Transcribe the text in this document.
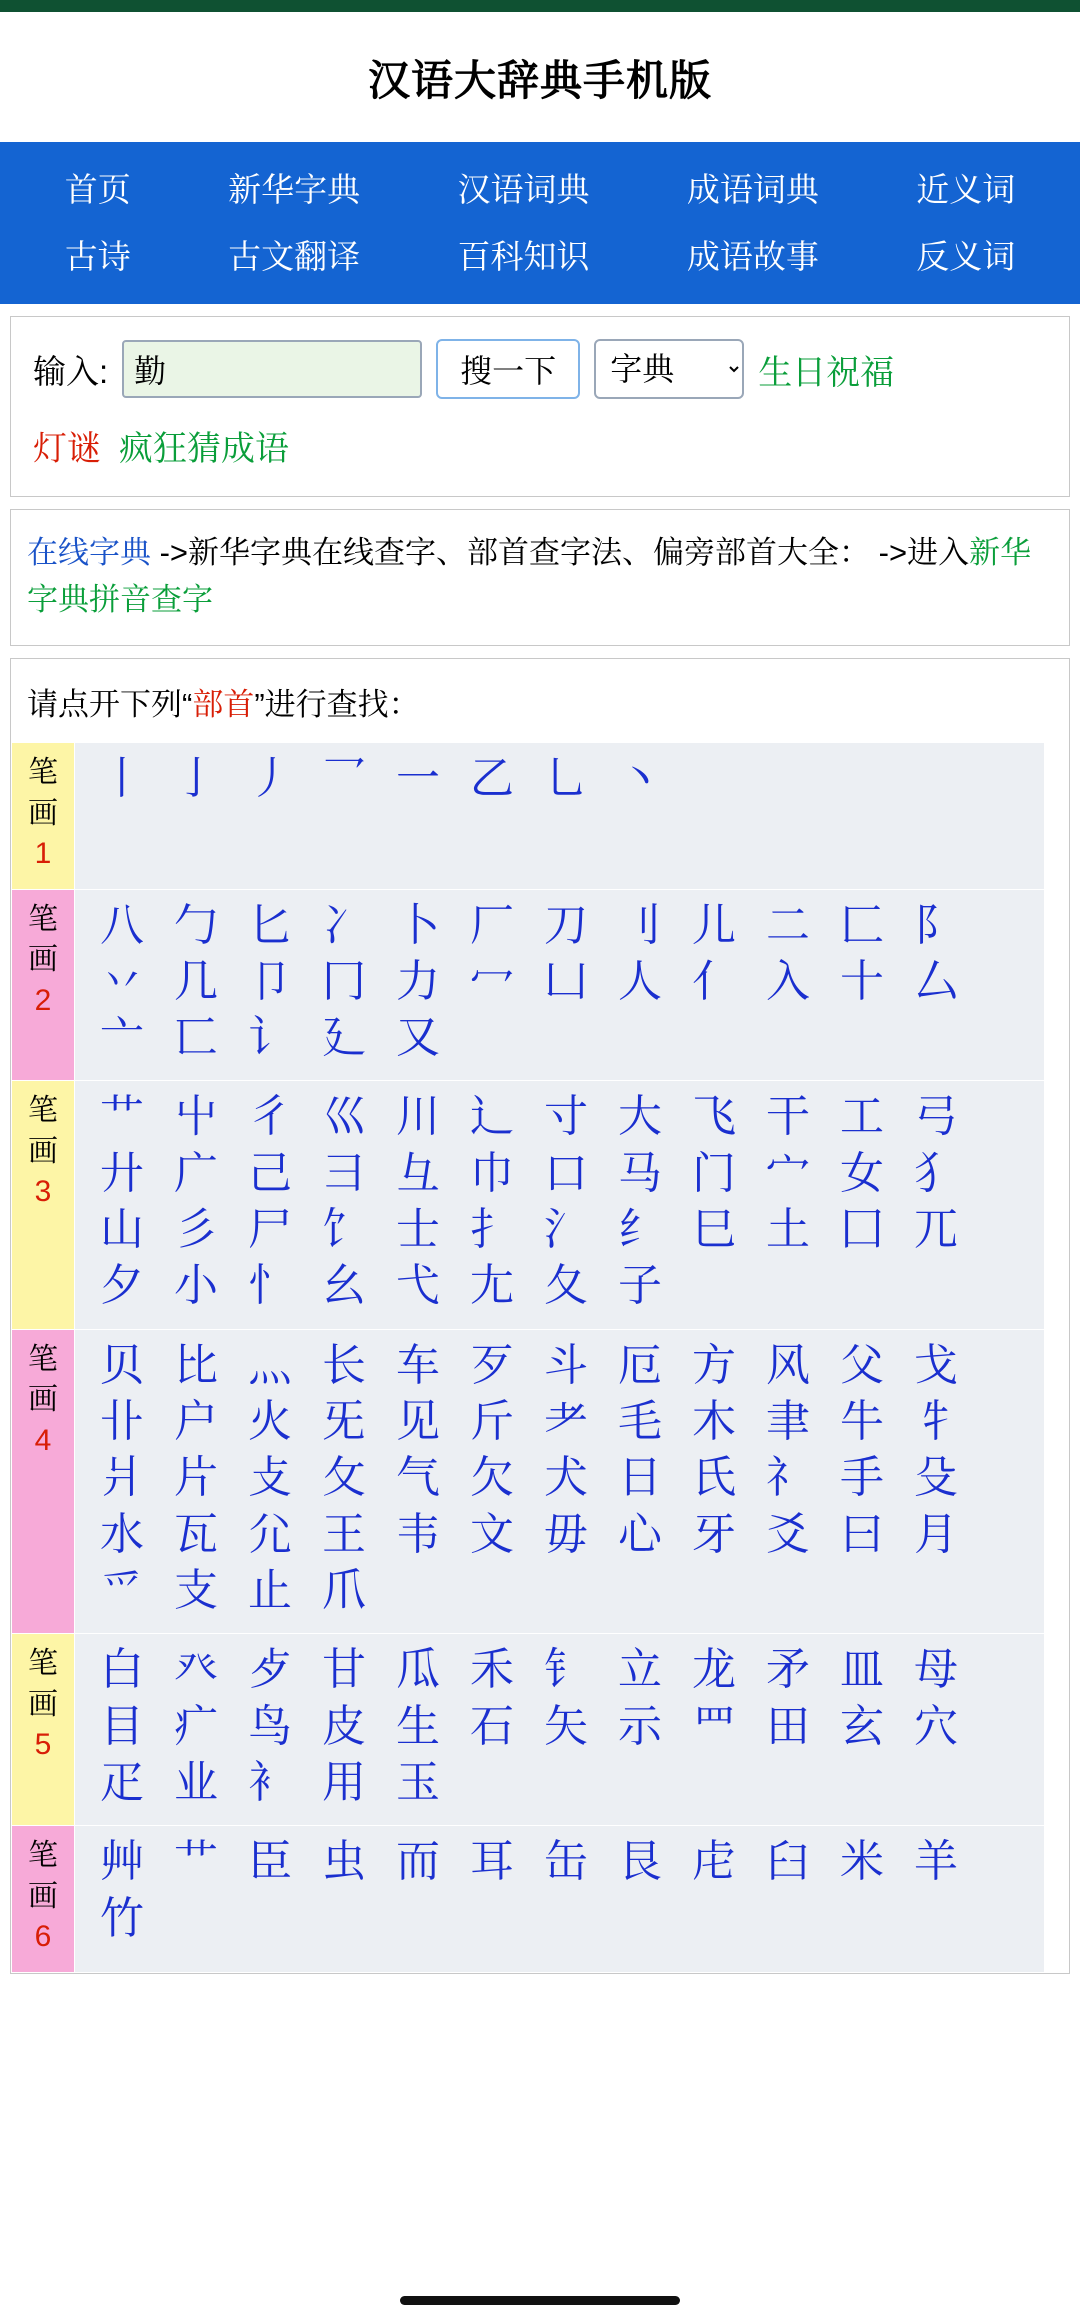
汉语大辞典手机版
首页	新华字典	汉语词典	成语词典	近义词
古诗	古文翻译	百科知识	成语故事	反义词
输入:
勤	搜一下
字典	生日祝福
灯谜 疯狂猜成语
在线字典 ->新华字典在线查字、部首查字法、偏旁部首大全： ->进入新华字典拼音查字
请点开下列“部首”进行查找：
笔
画
1

丨 亅 丿 乛 一 乙 乚 丶

笔
画
2

八 勹 匕 冫 卜 厂 刀 刂 儿 二 匚 阝
丷 几 卩 冂 力 冖 凵 人 亻 入 十 厶
亠 匸 讠 廴 又

笔
画
3

艹 屮 彳 巛 川 辶 寸 大 飞 干 工 弓
廾 广 己 彐 彑 巾 口 马 门 宀 女 犭
山 彡 尸 饣 士 扌 氵 纟 巳 土 囗 兀
夕 小 忄 幺 弋 尢 夂 子

笔
画
4

贝 比 灬 长 车 歹 斗 厄 方 风 父 戈
卝 户 火 旡 见 斤 耂 毛 木 聿 牛 牜
爿 片 攴 攵 气 欠 犬 日 氏 礻 手 殳
水 瓦 尣 王 韦 文 毋 心 牙 爻 曰 月
爫 支 止 爪

笔
画
5

白 癶 歺 甘 瓜 禾 钅 立 龙 矛 皿 母
目 疒 鸟 皮 生 石 矢 示 罒 田 玄 穴
疋 业 衤 用 玉

笔
画
6

艸 艹 臣 虫 而 耳 缶 艮 虍 臼 米 羊
竹
